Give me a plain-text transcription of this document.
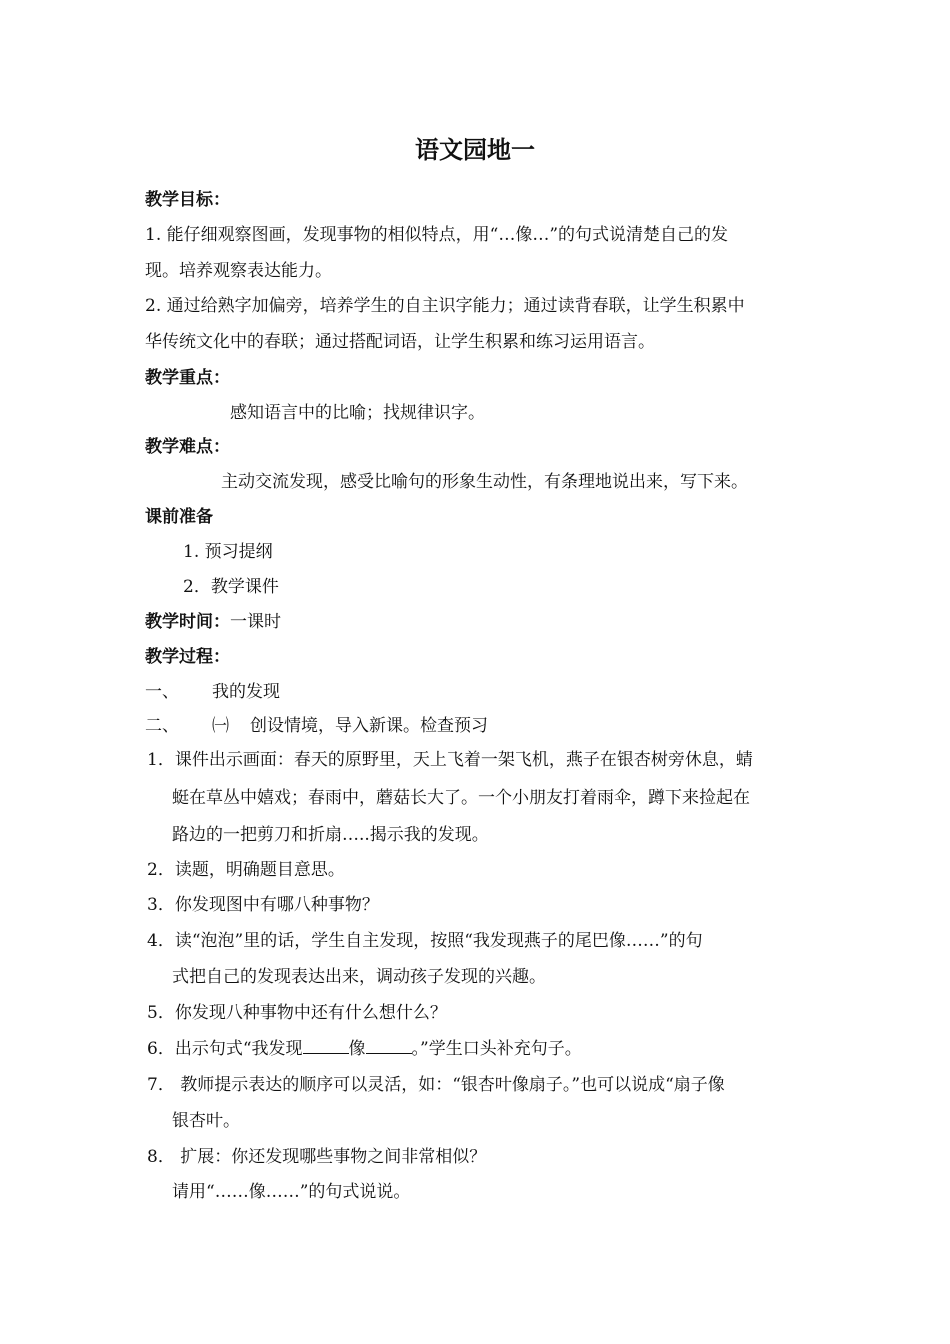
语文园地一
教学目标：
1. 能仔细观察图画，发现事物的相似特点，用“…像…”的句式说清楚自己的发
现。培养观察表达能力。
2. 通过给熟字加偏旁，培养学生的自主识字能力；通过读背春联，让学生积累中
华传统文化中的春联；通过搭配词语，让学生积累和练习运用语言。
教学重点：
感知语言中的比喻；找规律识字。
教学难点：
主动交流发现，感受比喻句的形象生动性，有条理地说出来，写下来。
课前准备
1. 预习提纲
2．教学课件
教学时间：一课时
教学过程：
一、 我的发现
二、 ㈠ 创设情境，导入新课。检查预习
1．课件出示画面：春天的原野里，天上飞着一架飞机，燕子在银杏树旁休息，蜻
蜓在草丛中嬉戏；春雨中，蘑菇长大了。一个小朋友打着雨伞，蹲下来捡起在
路边的一把剪刀和折扇…..揭示我的发现。
2．读题，明确题目意思。
3．你发现图中有哪八种事物？
4．读“泡泡”里的话，学生自主发现，按照“我发现燕子的尾巴像……”的句
式把自己的发现表达出来，调动孩子发现的兴趣。
5．你发现八种事物中还有什么想什么？
6．出示句式“我发现	像	。”学生口头补充句子。
7． 教师提示表达的顺序可以灵活，如：“银杏叶像扇子。”也可以说成“扇子像
银杏叶。
8． 扩展：你还发现哪些事物之间非常相似？
请用“……像……”的句式说说。
